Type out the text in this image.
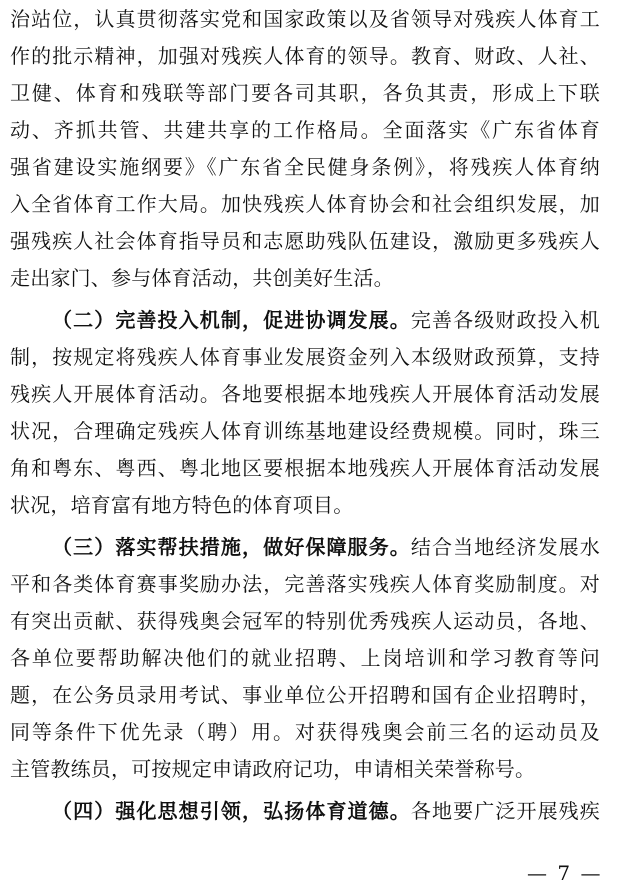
治站位，认真贯彻落实党和国家政策以及省领导对残疾人体育工
作的批示精神，加强对残疾人体育的领导。教育、财政、人社、
卫健、体育和残联等部门要各司其职，各负其责，形成上下联
动、齐抓共管、共建共享的工作格局。全面落实《广东省体育
强省建设实施纲要》《广东省全民健身条例》，将残疾人体育纳
入全省体育工作大局。加快残疾人体育协会和社会组织发展，加
强残疾人社会体育指导员和志愿助残队伍建设，激励更多残疾人
走出家门、参与体育活动，共创美好生活。
（二）完善投入机制，促进协调发展。完善各级财政投入机
制，按规定将残疾人体育事业发展资金列入本级财政预算，支持
残疾人开展体育活动。各地要根据本地残疾人开展体育活动发展
状况，合理确定残疾人体育训练基地建设经费规模。同时，珠三
角和粤东、粤西、粤北地区要根据本地残疾人开展体育活动发展
状况，培育富有地方特色的体育项目。
（三）落实帮扶措施，做好保障服务。结合当地经济发展水
平和各类体育赛事奖励办法，完善落实残疾人体育奖励制度。对
有突出贡献、获得残奥会冠军的特别优秀残疾人运动员，各地、
各单位要帮助解决他们的就业招聘、上岗培训和学习教育等问
题，在公务员录用考试、事业单位公开招聘和国有企业招聘时，
同等条件下优先录（聘）用。对获得残奥会前三名的运动员及
主管教练员，可按规定申请政府记功，申请相关荣誉称号。
（四）强化思想引领，弘扬体育道德。各地要广泛开展残疾
— 7 —
